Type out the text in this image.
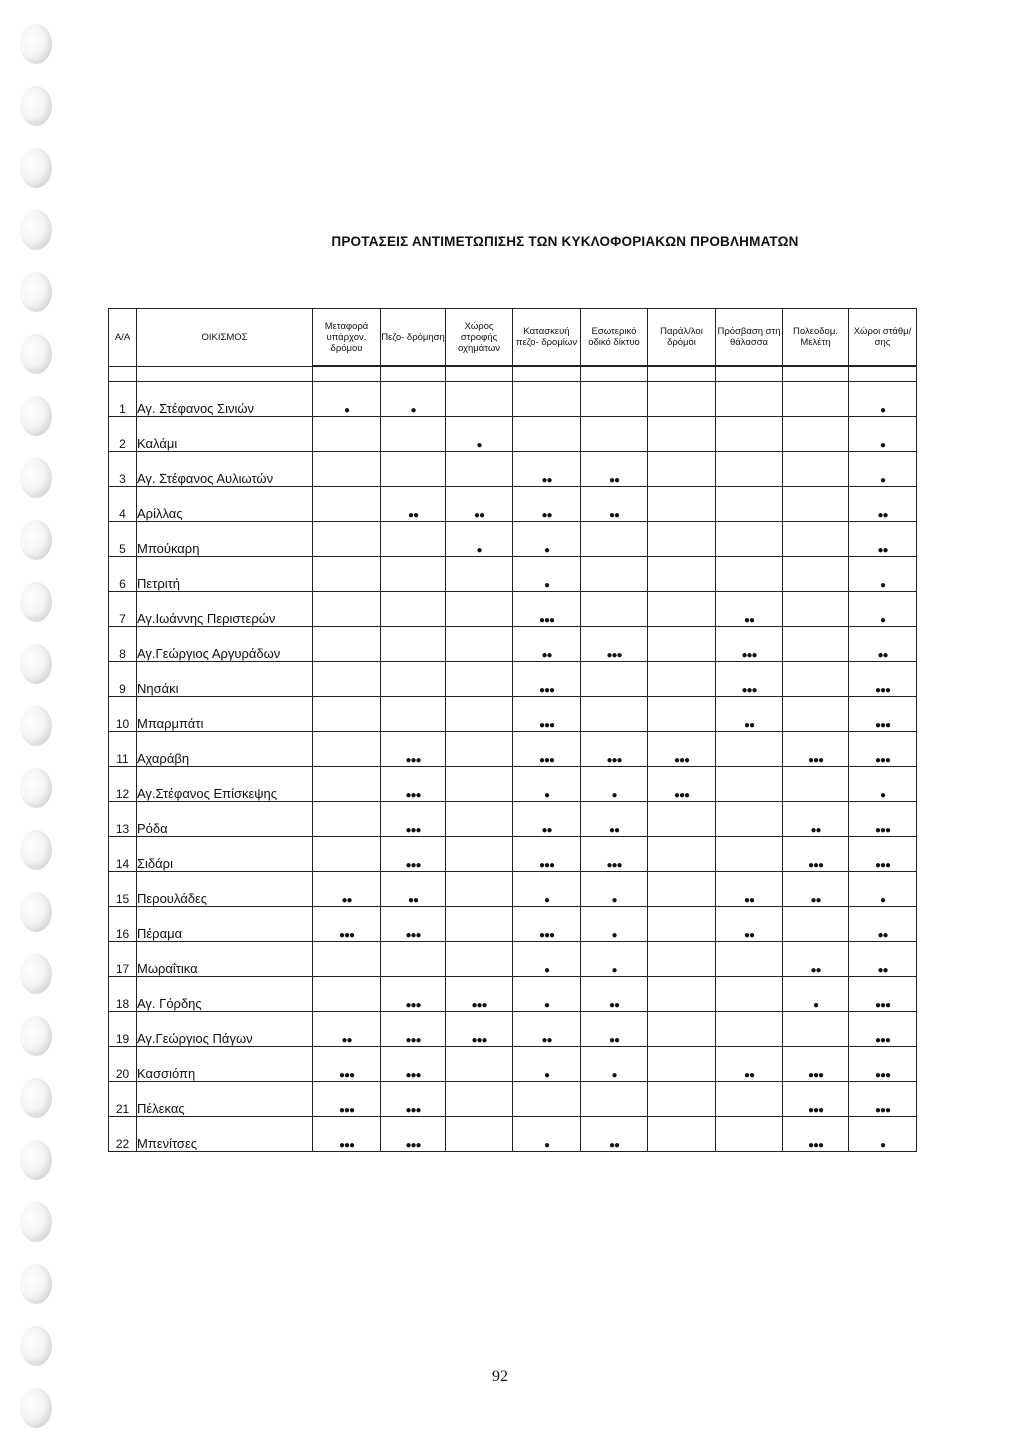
ΠΡΟΤΑΣΕΙΣ ΑΝΤΙΜΕΤΩΠΙΣΗΣ ΤΩΝ ΚΥΚΛΟΦΟΡΙΑΚΩΝ ΠΡΟΒΛΗΜΑΤΩΝ
Α/Α	ΟΙΚΙΣΜΟΣ	Μεταφορά υπάρχον. δρόμου	Πεζο- δρόμηση	Χώρος στροφής οχημάτων	Κατασκευή πεζο- δρομίων	Εσωτερικό οδικό δίκτυο	Παράλ/λοι δρόμοι	Πρόσβαση στη θάλασσα	Πολεοδομ. Μελέτη	Χώροι στάθμ/σης

1	Αγ. Στέφανος Σινιών	●	●							●
2	Καλάμι			●						●
3	Αγ. Στέφανος Αυλιωτών				●●	●●				●
4	Αρίλλας		●●	●●	●●	●●				●●
5	Μπούκαρη			●	●					●●
6	Πετριτή				●					●
7	Αγ.Ιωάννης Περιστερών				●●●			●●		●
8	Αγ.Γεώργιος Αργυράδων				●●	●●●		●●●		●●
9	Νησάκι				●●●			●●●		●●●
10	Μπαρμπάτι				●●●			●●		●●●
11	Αχαράβη		●●●		●●●	●●●	●●●		●●●	●●●
12	Αγ.Στέφανος Επίσκεψης		●●●		●	●	●●●			●
13	Ρόδα		●●●		●●	●●			●●	●●●
14	Σιδάρι		●●●		●●●	●●●			●●●	●●●
15	Περουλάδες	●●	●●		●	●		●●	●●	●
16	Πέραμα	●●●	●●●		●●●	●		●●		●●
17	Μωραΐτικα				●	●			●●	●●
18	Αγ. Γόρδης		●●●	●●●	●	●●			●	●●●
19	Αγ.Γεώργιος Πάγων	●●	●●●	●●●	●●	●●				●●●
20	Κασσιόπη	●●●	●●●		●	●		●●	●●●	●●●
21	Πέλεκας	●●●	●●●						●●●	●●●
22	Μπενίτσες	●●●	●●●		●	●●			●●●	●
92
